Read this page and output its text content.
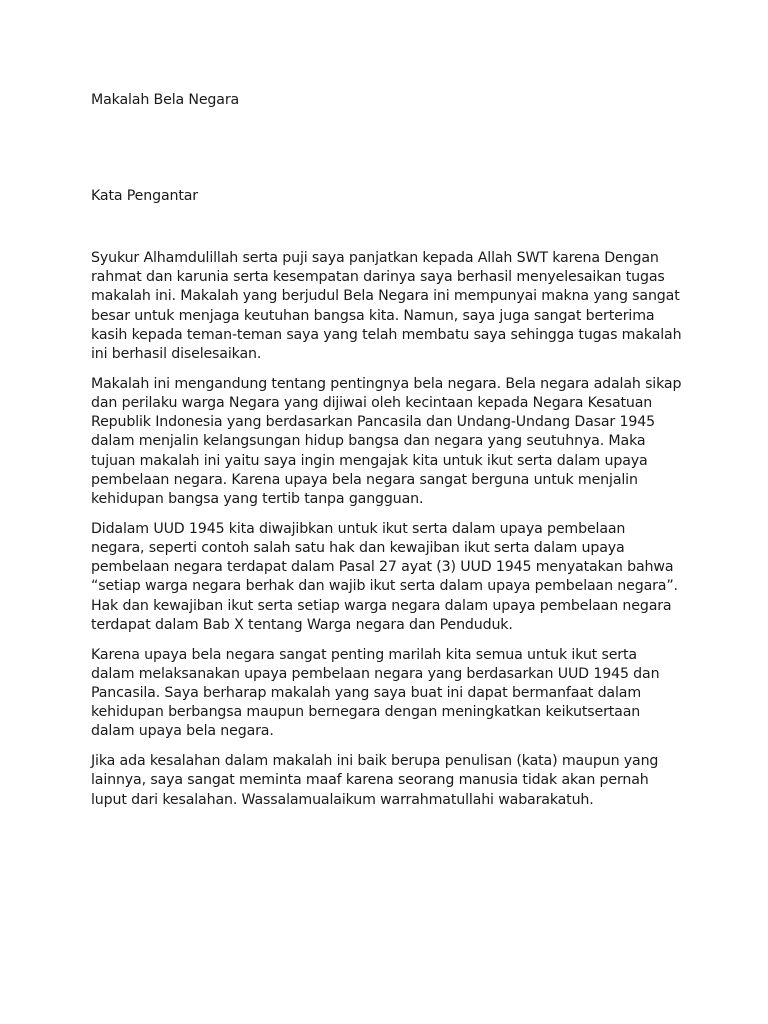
Makalah Bela Negara
Kata Pengantar

Syukur Alhamdulillah serta puji saya panjatkan kepada Allah SWT karena Dengan
rahmat dan karunia serta kesempatan darinya saya berhasil menyelesaikan tugas
makalah ini. Makalah yang berjudul Bela Negara ini mempunyai makna yang sangat
besar untuk menjaga keutuhan bangsa kita. Namun, saya juga sangat berterima
kasih kepada teman-teman saya yang telah membatu saya sehingga tugas makalah
ini berhasil diselesaikan.

Makalah ini mengandung tentang pentingnya bela negara. Bela negara adalah sikap
dan perilaku warga Negara yang dijiwai oleh kecintaan kepada Negara Kesatuan
Republik Indonesia yang berdasarkan Pancasila dan Undang-Undang Dasar 1945
dalam menjalin kelangsungan hidup bangsa dan negara yang seutuhnya. Maka
tujuan makalah ini yaitu saya ingin mengajak kita untuk ikut serta dalam upaya
pembelaan negara. Karena upaya bela negara sangat berguna untuk menjalin
kehidupan bangsa yang tertib tanpa gangguan.

Didalam UUD 1945 kita diwajibkan untuk ikut serta dalam upaya pembelaan
negara, seperti contoh salah satu hak dan kewajiban ikut serta dalam upaya
pembelaan negara terdapat dalam Pasal 27 ayat (3) UUD 1945 menyatakan bahwa
“setiap warga negara berhak dan wajib ikut serta dalam upaya pembelaan negara”.
Hak dan kewajiban ikut serta setiap warga negara dalam upaya pembelaan negara
terdapat dalam Bab X tentang Warga negara dan Penduduk.

Karena upaya bela negara sangat penting marilah kita semua untuk ikut serta
dalam melaksanakan upaya pembelaan negara yang berdasarkan UUD 1945 dan
Pancasila. Saya berharap makalah yang saya buat ini dapat bermanfaat dalam
kehidupan berbangsa maupun bernegara dengan meningkatkan keikutsertaan
dalam upaya bela negara.

Jika ada kesalahan dalam makalah ini baik berupa penulisan (kata) maupun yang
lainnya, saya sangat meminta maaf karena seorang manusia tidak akan pernah
luput dari kesalahan. Wassalamualaikum warrahmatullahi wabarakatuh.
